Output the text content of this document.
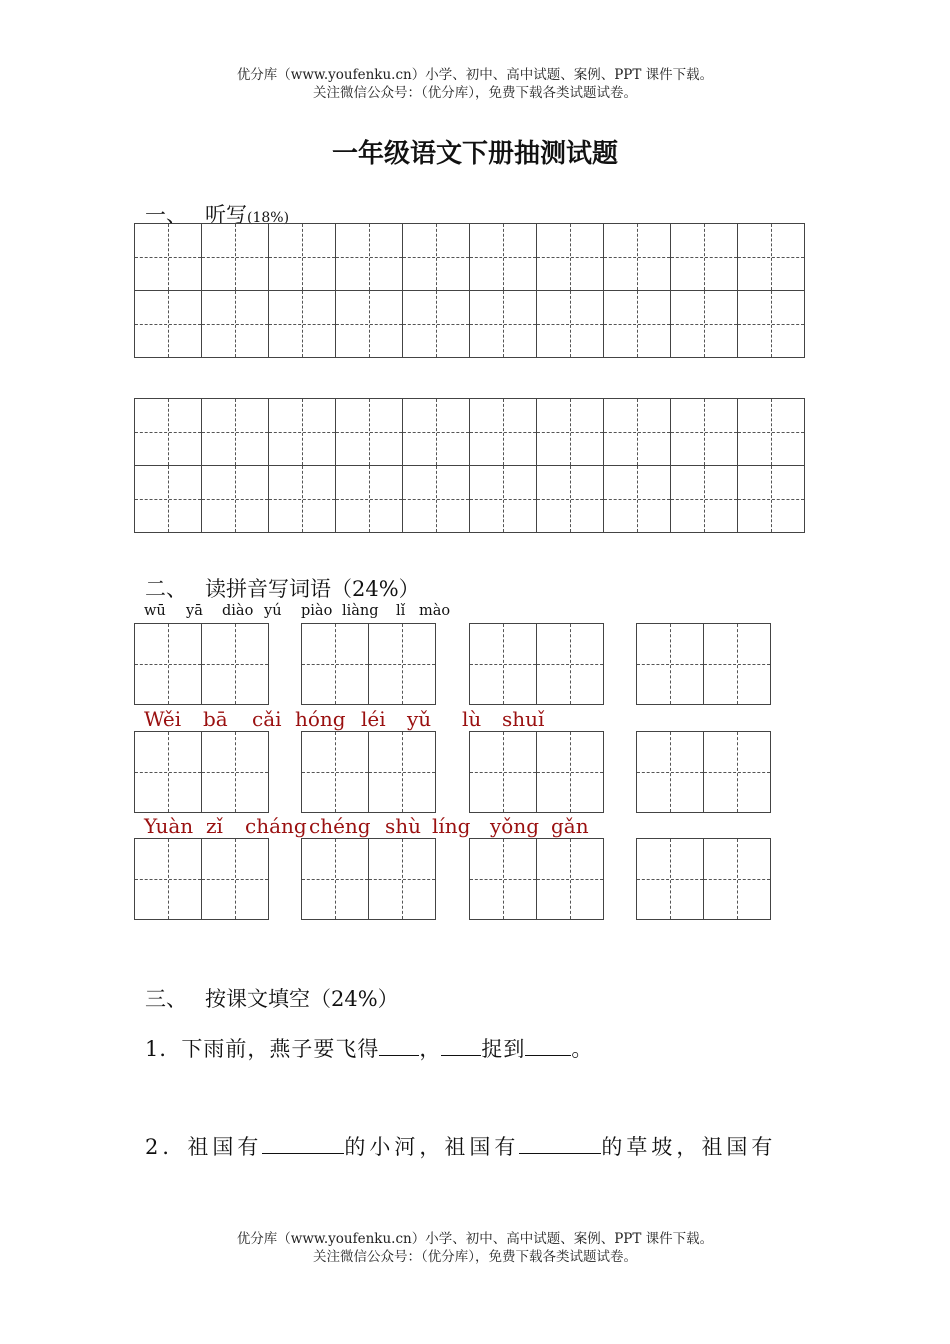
优分库（www.youfenku.cn）小学、初中、高中试题、案例、PPT 课件下载。
关注微信公众号：（优分库），免费下载各类试题试卷。
一年级语文下册抽测试题
一、 听写(18%)
二、 读拼音写词语（24%）
wū yā diào yú piào liàng lǐ mào
Wěi bā cǎi hóng léi yǔ lù shuǐ
Yuàn zǐ cháng chéng shù líng yǒng gǎn
三、 按课文填空（24%）
1．下雨前，燕子要飞得 ， 捉到 。
2．祖国有	的小河，祖国有	的草坡，祖国有
优分库（www.youfenku.cn）小学、初中、高中试题、案例、PPT 课件下载。
关注微信公众号：（优分库），免费下载各类试题试卷。
